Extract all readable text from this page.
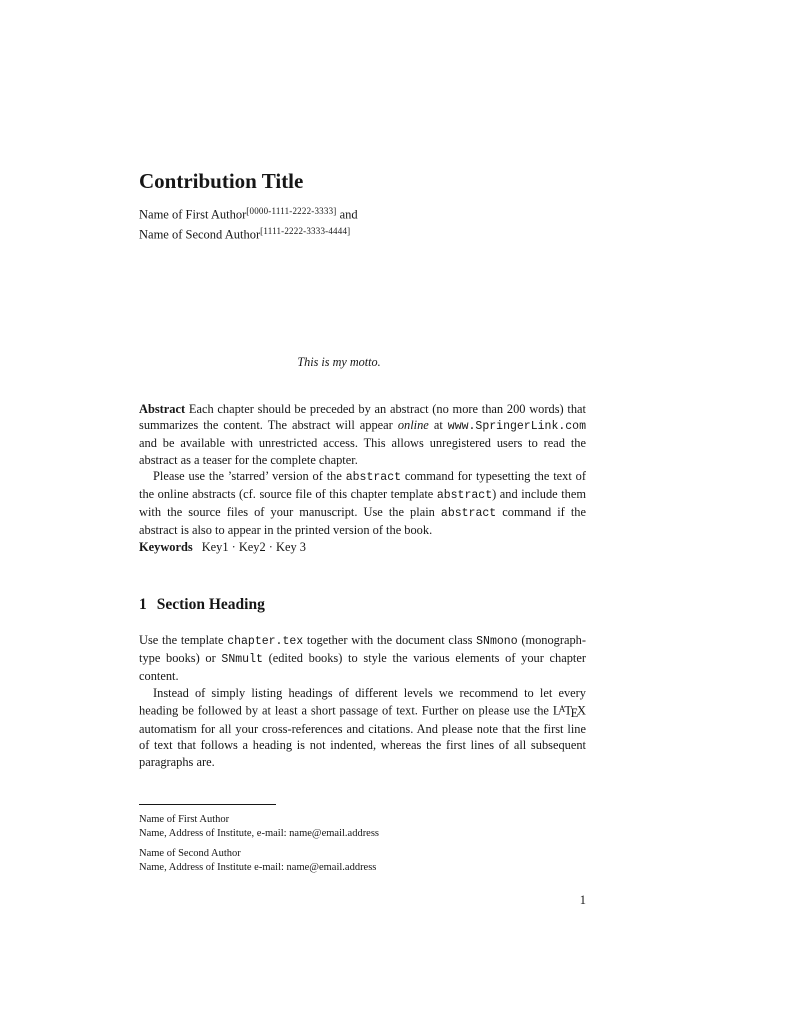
Contribution Title
Name of First Author[0000-1111-2222-3333] and
Name of Second Author[1111-2222-3333-4444]
This is my motto.

Abstract Each chapter should be preceded by an abstract (no more than 200 words) that summarizes the content. The abstract will appear online at www.SpringerLink.com and be available with unrestricted access. This allows unregistered users to read the abstract as a teaser for the complete chapter.

Please use the ’starred’ version of the abstract command for typesetting the text of the online abstracts (cf. source file of this chapter template abstract) and include them with the source files of your manuscript. Use the plain abstract command if the abstract is also to appear in the printed version of the book.

Keywords Key1 · Key2 · Key 3
1 Section Heading

Use the template chapter.tex together with the document class SNmono (monograph-type books) or SNmult (edited books) to style the various elements of your chapter content.

Instead of simply listing headings of different levels we recommend to let every heading be followed by at least a short passage of text. Further on please use the $L^ATEX$ automatism for all your cross-references and citations. And please note that the first line of text that follows a heading is not indented, whereas the first lines of all subsequent paragraphs are.

Name of First Author
Name, Address of Institute, e-mail: name@email.address
Name of Second Author
Name, Address of Institute e-mail: name@email.address
1
